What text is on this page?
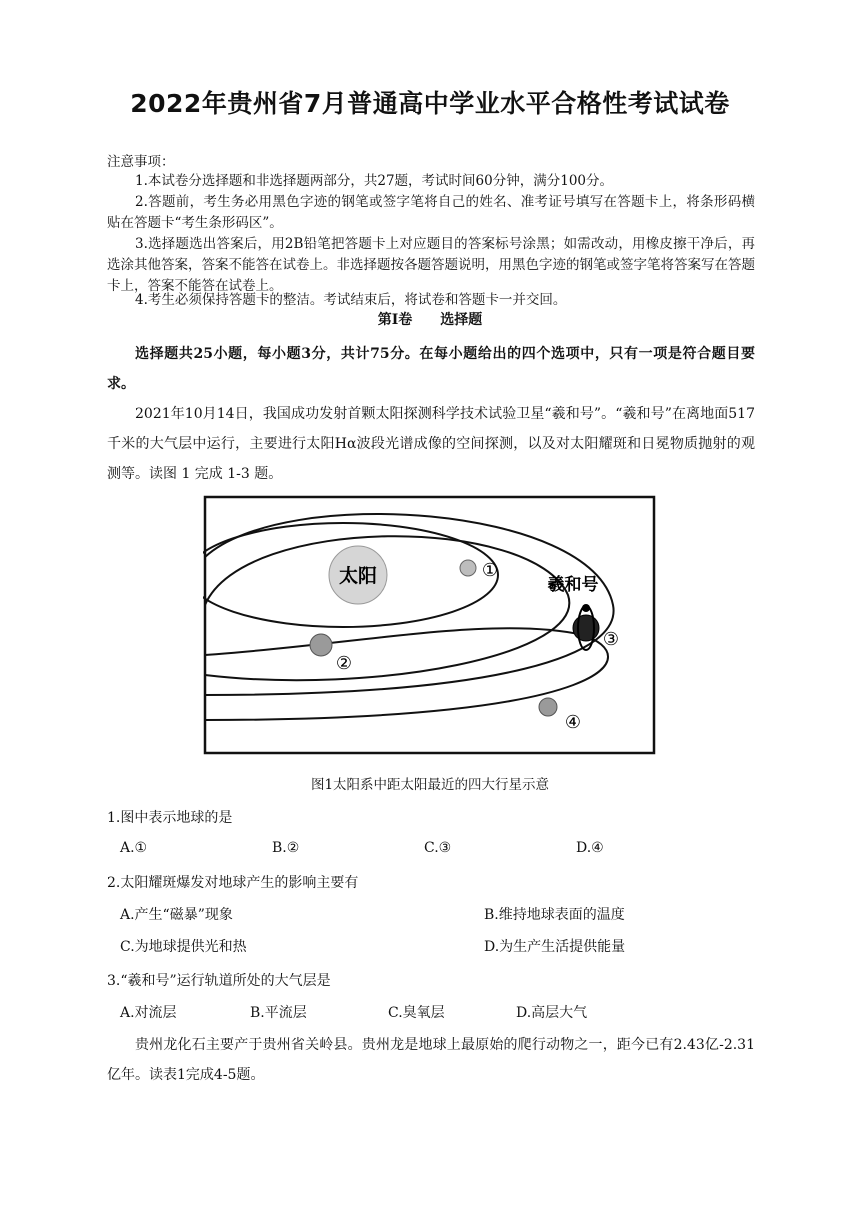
2022年贵州省7月普通高中学业水平合格性考试试卷
注意事项：
1.本试卷分选择题和非选择题两部分，共27题，考试时间60分钟，满分100分。
2.答题前，考生务必用黑色字迹的钢笔或签字笔将自己的姓名、准考证号填写在答题卡上，将条形码横贴在答题卡“考生条形码区”。
3.选择题选出答案后，用2B铅笔把答题卡上对应题目的答案标号涂黑；如需改动，用橡皮擦干净后，再选涂其他答案，答案不能答在试卷上。非选择题按各题答题说明，用黑色字迹的钢笔或签字笔将答案写在答题卡上，答案不能答在试卷上。
4.考生必须保持答题卡的整洁。考试结束后，将试卷和答题卡一并交回。
第Ⅰ卷　　选择题
选择题共25小题，每小题3分，共计75分。在每小题给出的四个选项中，只有一项是符合题目要求。
2021年10月14日，我国成功发射首颗太阳探测科学技术试验卫星“羲和号”。“羲和号”在离地面517千米的大气层中运行，主要进行太阳Hα波段光谱成像的空间探测，以及对太阳耀斑和日冕物质抛射的观测等。读图 1 完成 1-3 题。
太阳	①
②
③
羲和号
④
图1太阳系中距太阳最近的四大行星示意
1.图中表示地球的是
A.①	B.②	C.③	D.④
2.太阳耀斑爆发对地球产生的影响主要有
A.产生“磁暴”现象	B.维持地球表面的温度
C.为地球提供光和热	D.为生产生活提供能量
3.“羲和号”运行轨道所处的大气层是
A.对流层	B.平流层	C.臭氧层	D.高层大气
贵州龙化石主要产于贵州省关岭县。贵州龙是地球上最原始的爬行动物之一，距今已有2.43亿-2.31亿年。读表1完成4-5题。
